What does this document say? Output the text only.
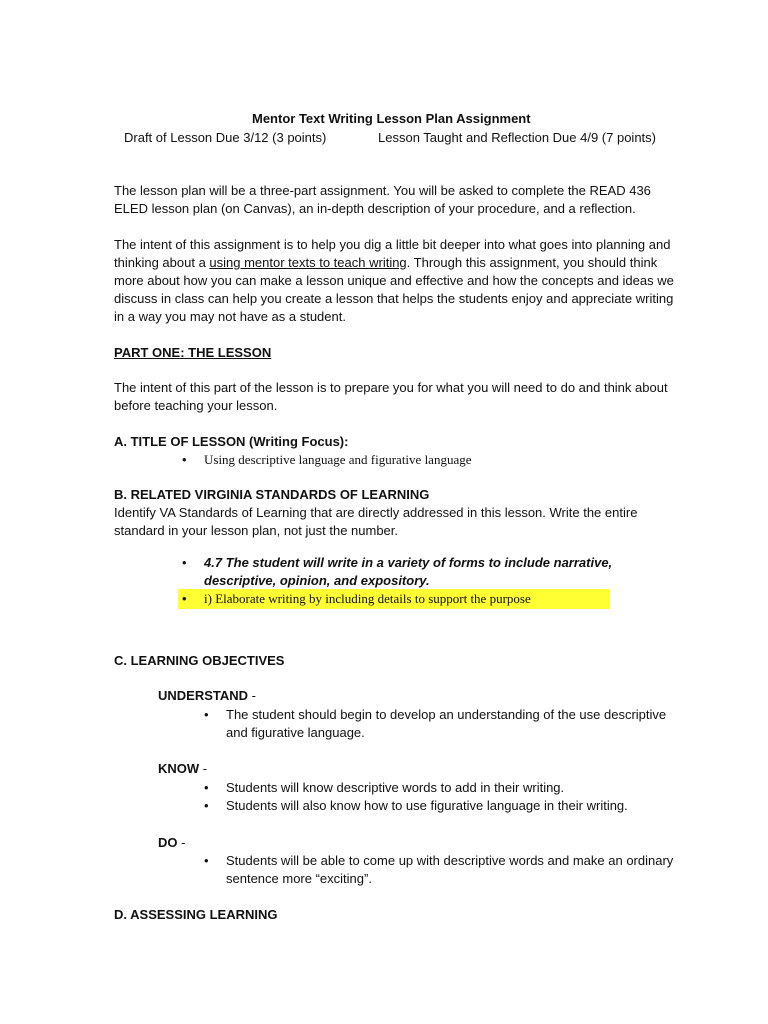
Mentor Text Writing Lesson Plan Assignment
Draft of Lesson Due 3/12 (3 points)	Lesson Taught and Reflection Due 4/9 (7 points)
The lesson plan will be a three-part assignment. You will be asked to complete the READ 436
ELED lesson plan (on Canvas), an in-depth description of your procedure, and a reflection.
The intent of this assignment is to help you dig a little bit deeper into what goes into planning and
thinking about a using mentor texts to teach writing. Through this assignment, you should think
more about how you can make a lesson unique and effective and how the concepts and ideas we
discuss in class can help you create a lesson that helps the students enjoy and appreciate writing
in a way you may not have as a student.
PART ONE: THE LESSON
The intent of this part of the lesson is to prepare you for what you will need to do and think about
before teaching your lesson.
A. TITLE OF LESSON (Writing Focus):
• Using descriptive language and figurative language
B. RELATED VIRGINIA STANDARDS OF LEARNING
Identify VA Standards of Learning that are directly addressed in this lesson. Write the entire
standard in your lesson plan, not just the number.
• 4.7 The student will write in a variety of forms to include narrative,
descriptive, opinion, and expository.
• i) Elaborate writing by including details to support the purpose
C. LEARNING OBJECTIVES
UNDERSTAND -
• The student should begin to develop an understanding of the use descriptive
and figurative language.
KNOW -
• Students will know descriptive words to add in their writing.
• Students will also know how to use figurative language in their writing.
DO -
• Students will be able to come up with descriptive words and make an ordinary
sentence more “exciting”.
D. ASSESSING LEARNING
